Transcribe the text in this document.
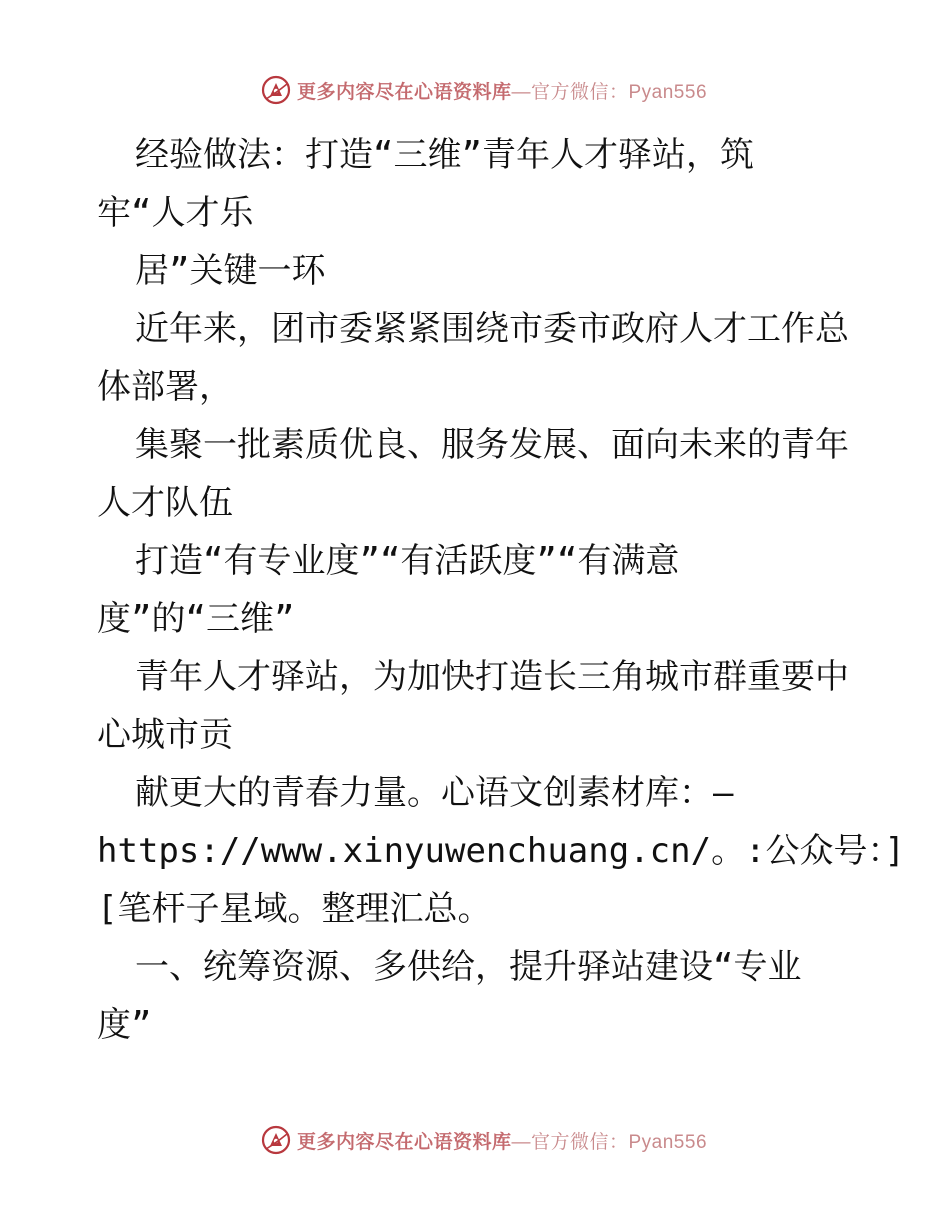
更多内容尽在心语资料库—官方微信：Pyan556
经验做法：打造“三维”青年人才驿站，筑
牢“人才乐
居”关键一环
近年来，团市委紧紧围绕市委市政府人才工作总
体部署，
集聚一批素质优良、服务发展、面向未来的青年
人才队伍
打造“有专业度”“有活跃度”“有满意
度”的“三维”
青年人才驿站，为加快打造长三角城市群重要中
心城市贡
献更大的青春力量。心语文创素材库：—
https://www.xinyuwenchuang.cn/。:公众号：]
[笔杆子星域。整理汇总。
一、统筹资源、多供给，提升驿站建设“专业
度”
更多内容尽在心语资料库—官方微信：Pyan556
